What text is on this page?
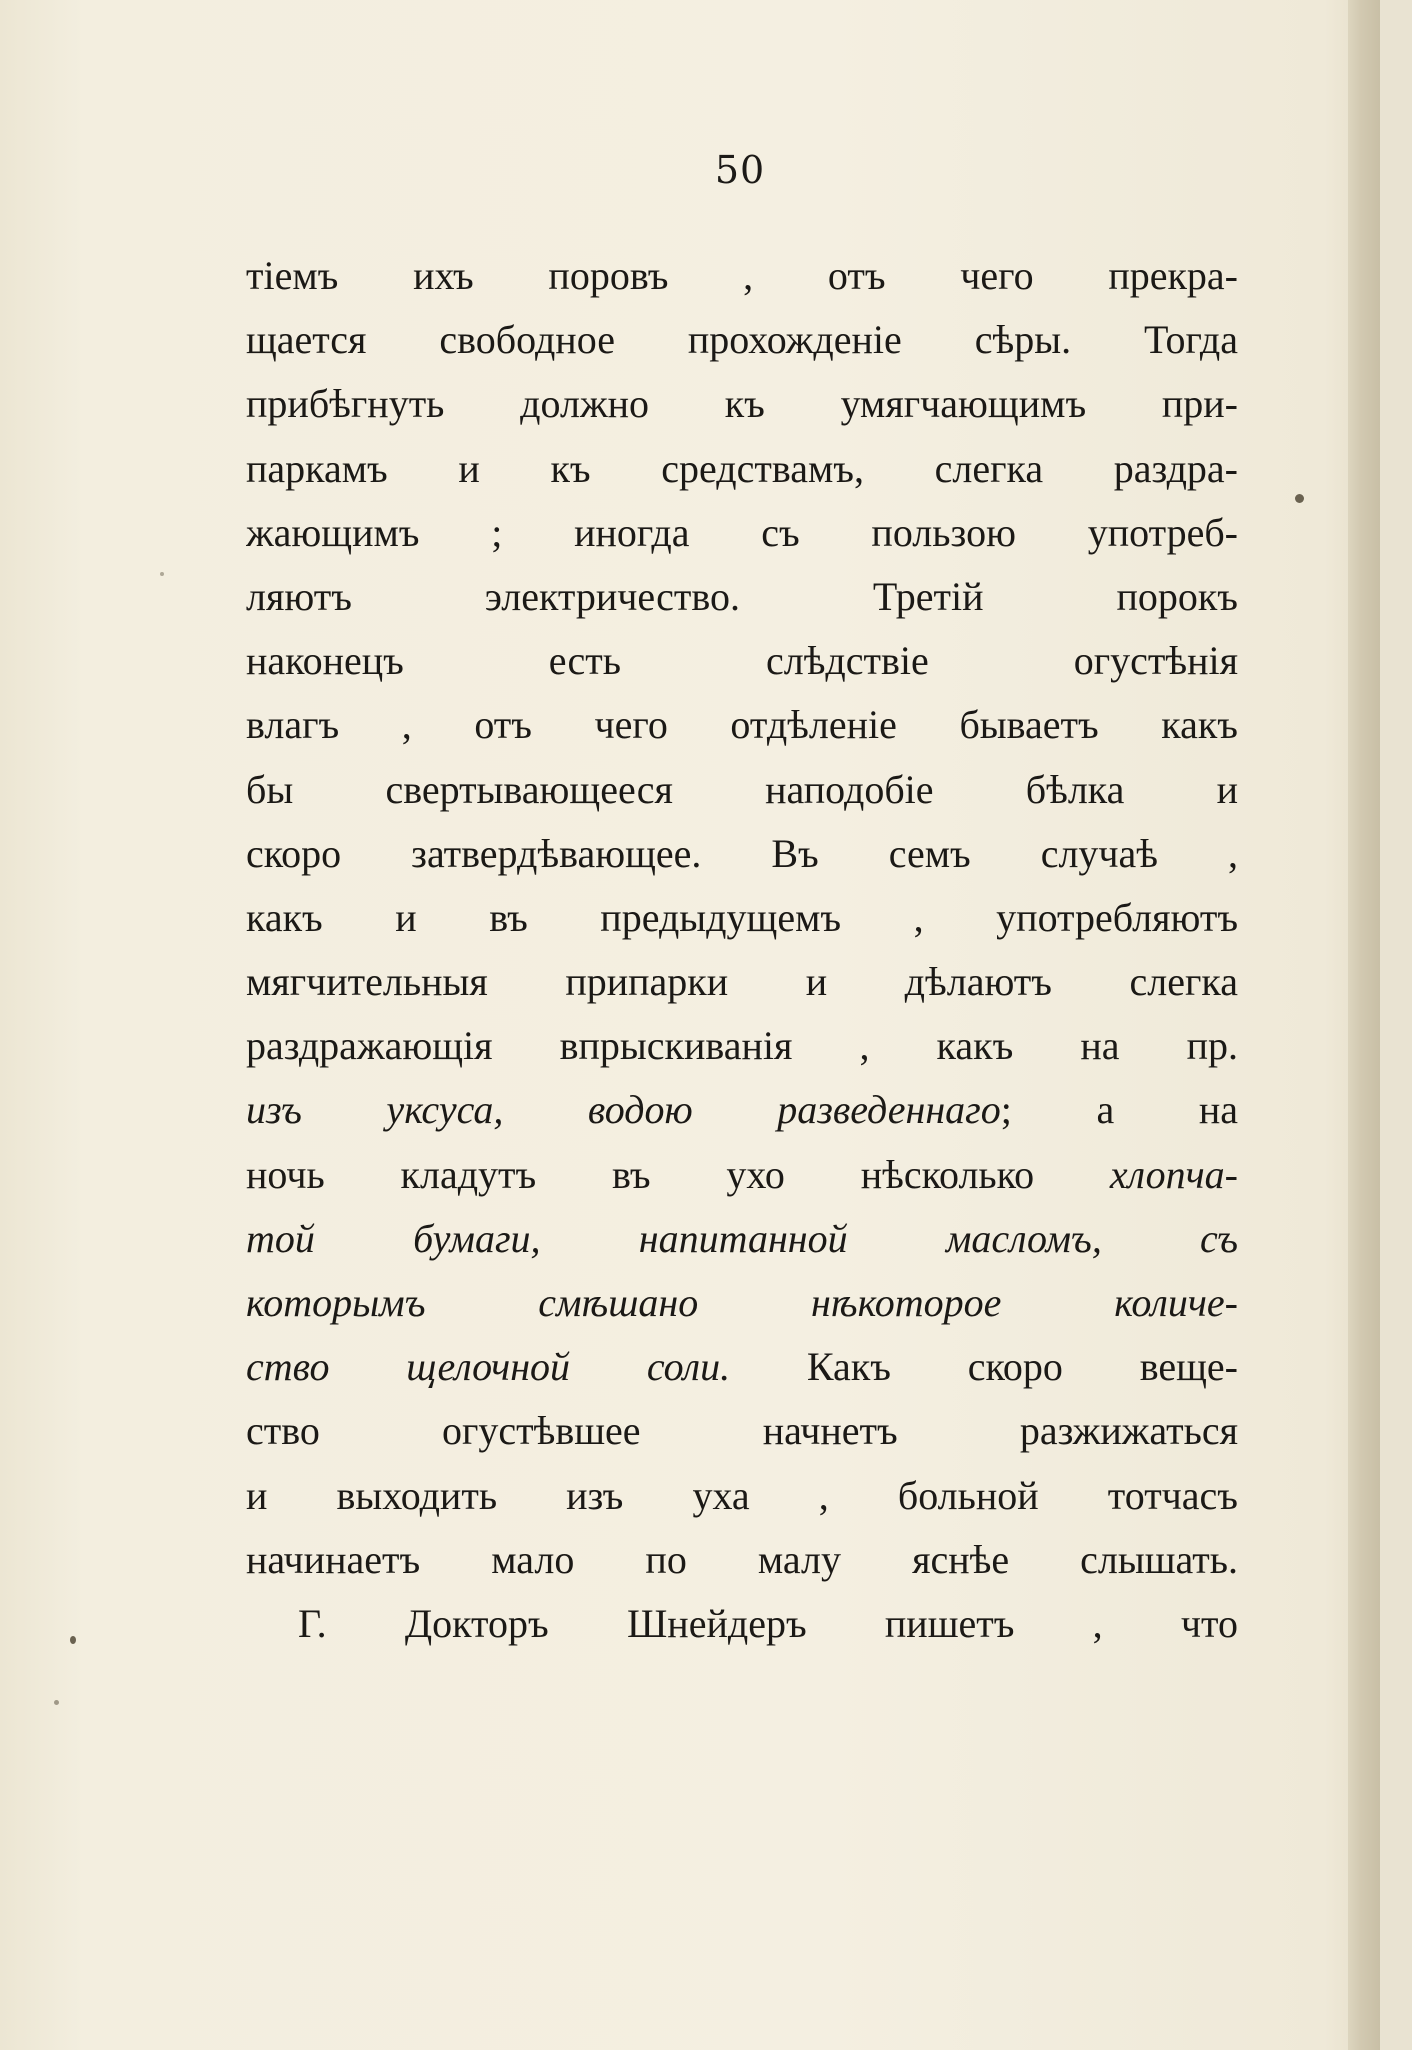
50
тіемъ ихъ поровъ , отъ чего прекра-
щается свободное прохожденіе сѣры. Тогда
прибѣгнуть должно къ умягчающимъ при-
паркамъ и къ средствамъ, слегка раздра-
жающимъ ; иногда съ пользою употреб-
ляютъ электричество. Третій порокъ
наконецъ есть слѣдствіе огустѣнія
влагъ , отъ чего отдѣленіе бываетъ какъ
бы свертывающееся наподобіе бѣлка и
скоро затвердѣвающее. Въ семъ случаѣ ,
какъ и въ предыдущемъ , употребляютъ
мягчительныя припарки и дѣлаютъ слегка
раздражающія впрыскиванія , какъ на пр.
изъ уксуса, водою разведеннаго; а на
ночь кладутъ въ ухо нѣсколько хлопча-
той бумаги, напитанной масломъ, съ
которымъ смѣшано нѣкоторое количе-
ство щелочной соли. Какъ скоро веще-
ство огустѣвшее начнетъ разжижаться
и выходить изъ уха , больной тотчасъ
начинаетъ мало по малу яснѣе слышать.
Г. Докторъ Шнейдеръ пишетъ , что
